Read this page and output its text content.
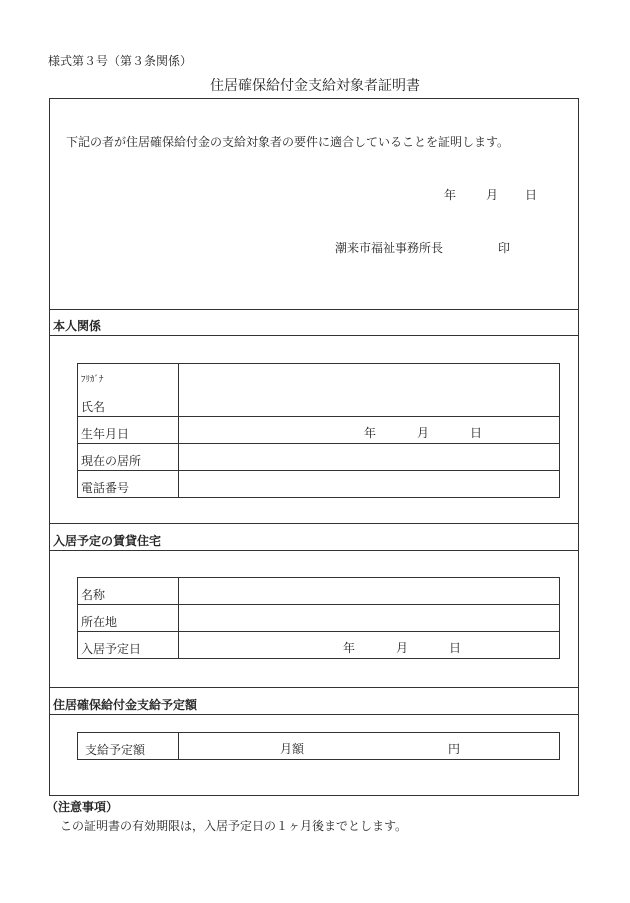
様式第３号（第３条関係）
住居確保給付金支給対象者証明書
下記の者が住居確保給付金の支給対象者の要件に適合していることを証明します。
年 月 日
潮来市福祉事務所長	印
本人関係
ﾌﾘｶﾞﾅ
氏名	

生年月日	年 月 日

現在の居所	
電話番号	
入居予定の賃貸住宅
名称	
所在地	
入居予定日	年 月 日
住居確保給付金支給予定額
支給予定額	月額	円
（注意事項）
この証明書の有効期限は，入居予定日の１ヶ月後までとします。
